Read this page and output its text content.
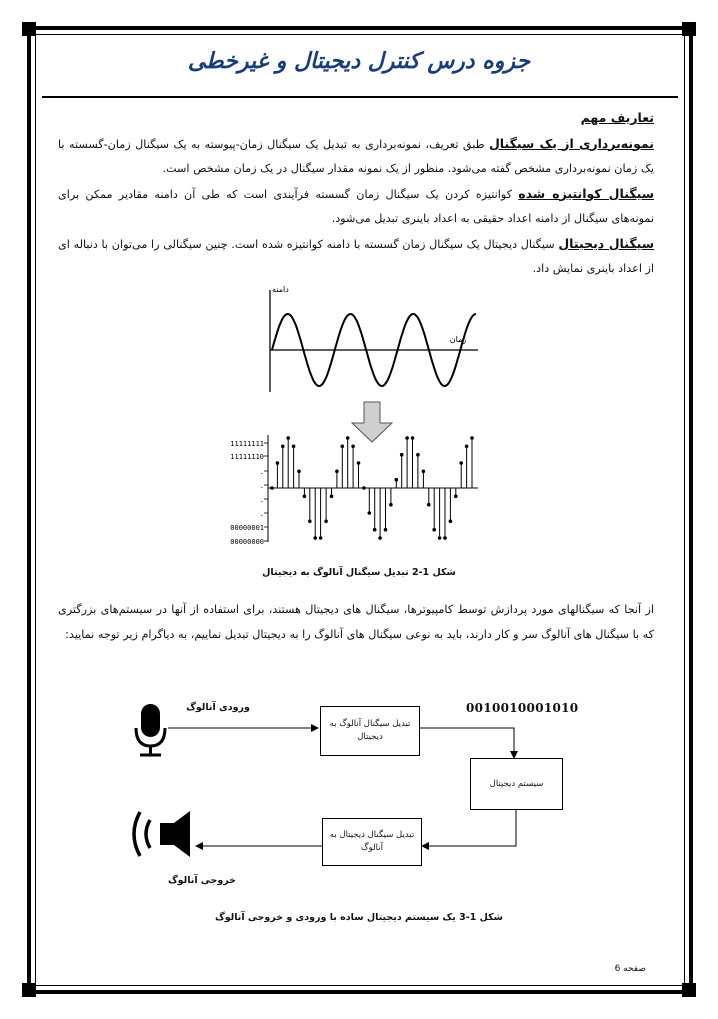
جزوه درس کنترل دیجیتال و غیرخطی

تعاریف مهم

نمونه‌برداری از یک سیگنال طبق تعریف، نمونه‌برداری به تبدیل یک سیگنال زمان-پیوسته به یک سیگنال زمان-گسسته با یک زمان نمونه‌برداری مشخص گفته می‌شود. منظور از یک نمونه مقدار سیگنال در یک زمان مشخص است.

سیگنال کوانتیزه شده کوانتیزه کردن یک سیگنال زمان گسسته فرآیندی است که طی آن دامنه مقادیر ممکن برای نمونه‌های سیگنال از دامنه اعداد حقیقی به اعداد باینری تبدیل می‌شود.

سیگنال دیجیتال سیگنال دیجیتال یک سیگنال زمان گسسته با دامنه کوانتیزه شده است. چنین سیگنالی را می‌توان با دنباله ای از اعداد باینری نمایش داد.

دامنه
زمان
11111111
11111110
.
.
.
.
00000001
00000000
شکل 1-2 تبدیل سیگنال آنالوگ به دیجیتال
از آنجا که سیگنالهای مورد پردازش توسط کامپیوترها، سیگنال های دیجیتال هستند، برای استفاده از آنها در سیستم‌های بزرگتری که با سیگنال های آنالوگ سر و کار دارند، باید به نوعی سیگنال های آنالوگ را به دیجیتال تبدیل نماییم، به دیاگرام زیر توجه نمایید:
ورودی آنالوگ
تبدیل سیگنال آنالوگ به دیجیتال
0010010001010
سیستم دیجیتال
تبدیل سیگنال دیجیتال به آنالوگ
خروجی آنالوگ
شکل 1-3 یک سیستم دیجیتال ساده با ورودی و خروجی آنالوگ
صفحه 6
